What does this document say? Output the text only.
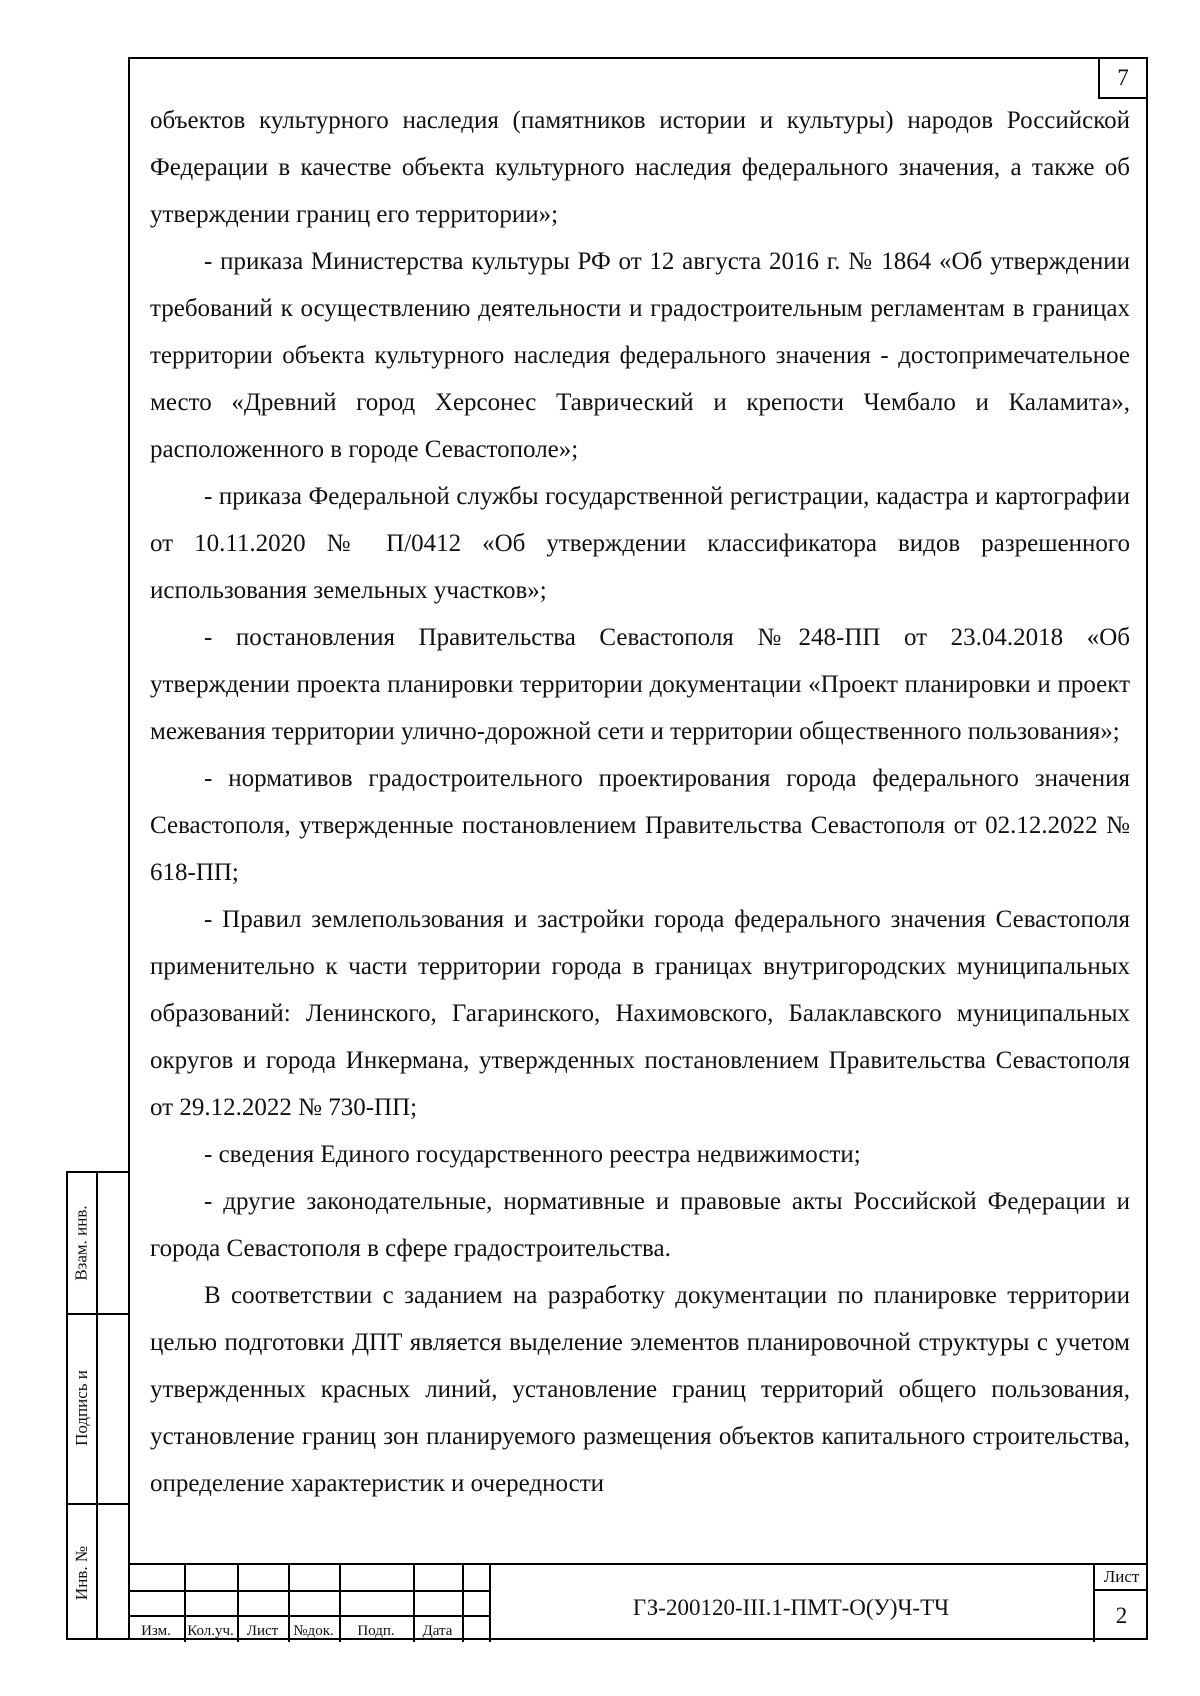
7

объектов культурного наследия (памятников истории и культуры) народов Российской Федерации в качестве объекта культурного наследия федерального значения, а также об утверждении границ его территории»;

- приказа Министерства культуры РФ от 12 августа 2016 г. № 1864 «Об утверждении требований к осуществлению деятельности и градостроительным регламентам в границах территории объекта культурного наследия федерального значения - достопримечательное место «Древний город Херсонес Таврический и крепости Чембало и Каламита», расположенного в городе Севастополе»;

- приказа Федеральной службы государственной регистрации, кадастра и картографии от 10.11.2020 № П/0412 «Об утверждении классификатора видов разрешенного использования земельных участков»;

- постановления Правительства Севастополя №248-ПП от 23.04.2018 «Об утверждении проекта планировки территории документации «Проект планировки и проект межевания территории улично-дорожной сети и территории общественного пользования»;

- нормативов градостроительного проектирования города федерального значения Севастополя, утвержденные постановлением Правительства Севастополя от 02.12.2022 № 618-ПП;

- Правил землепользования и застройки города федерального значения Севастополя применительно к части территории города в границах внутригородских муниципальных образований: Ленинского, Гагаринского, Нахимовского, Балаклавского муниципальных округов и города Инкермана, утвержденных постановлением Правительства Севастополя от 29.12.2022 № 730-ПП;

- сведения Единого государственного реестра недвижимости;

- другие законодательные, нормативные и правовые акты Российской Федерации и города Севастополя в сфере градостроительства.

В соответствии с заданием на разработку документации по планировке территории целью подготовки ДПТ является выделение элементов планировочной структуры с учетом утвержденных красных линий, установление границ территорий общего пользования, установление границ зон планируемого размещения объектов капитального строительства, определение характеристик и очередности

Взам. инв.
Подпись и
Инв. №
Изм.	Кол.уч. Лист	№док.	Подп.	Дата
ГЗ-200120-III.1-ПМТ-О(У)Ч-ТЧ
Лист
2
